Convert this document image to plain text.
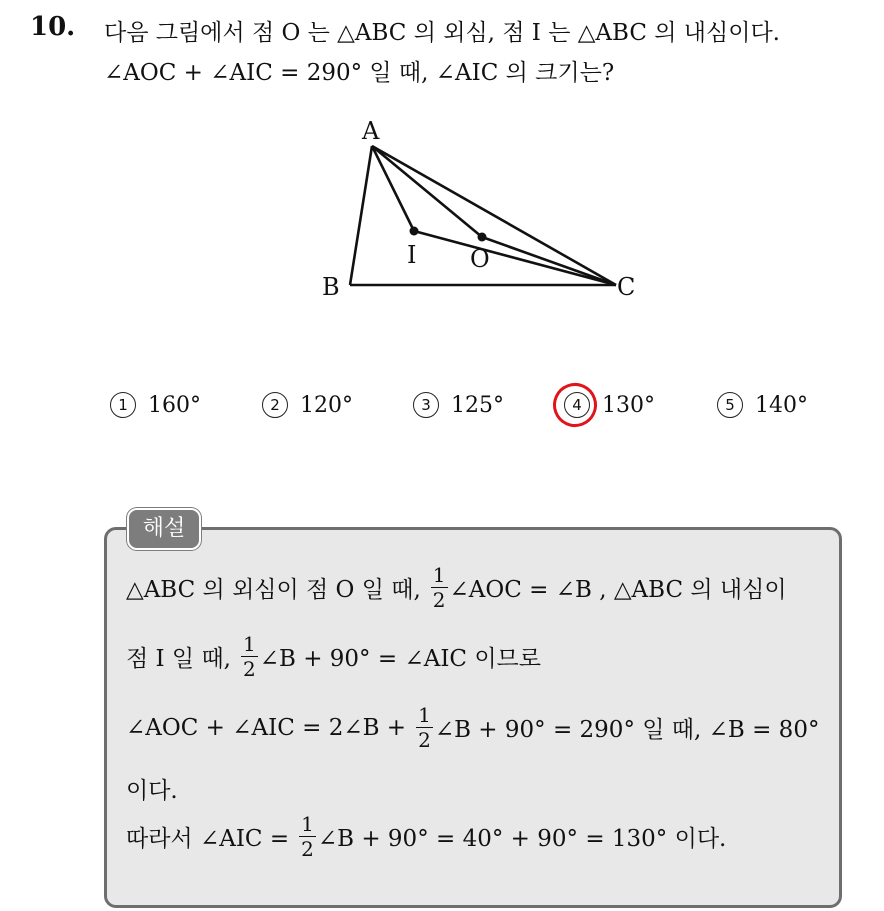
10. 다음 그림에서 점 O 는 △ABC 의 외심, 점 I 는 △ABC 의 내심이다.
∠AOC + ∠AIC = 290° 일 때, ∠AIC 의 크기는?
A
B	C
I O
1 160°	2 120°	3 125°	4 130°	5 140°
해설
△ABC 의 외심이 점 O 일 때, $\frac{1}{2}$ ∠AOC = ∠B , △ABC 의 내심이
점 I 일 때, $\frac{1}{2}$ ∠B + 90° = ∠AIC 이므로
∠AOC + ∠AIC = 2∠B + $\frac{1}{2}$ ∠B + 90° = 290° 일 때, ∠B = 80°
이다.
따라서 ∠AIC = $\frac{1}{2}$ ∠B + 90° = 40° + 90° = 130° 이다.
